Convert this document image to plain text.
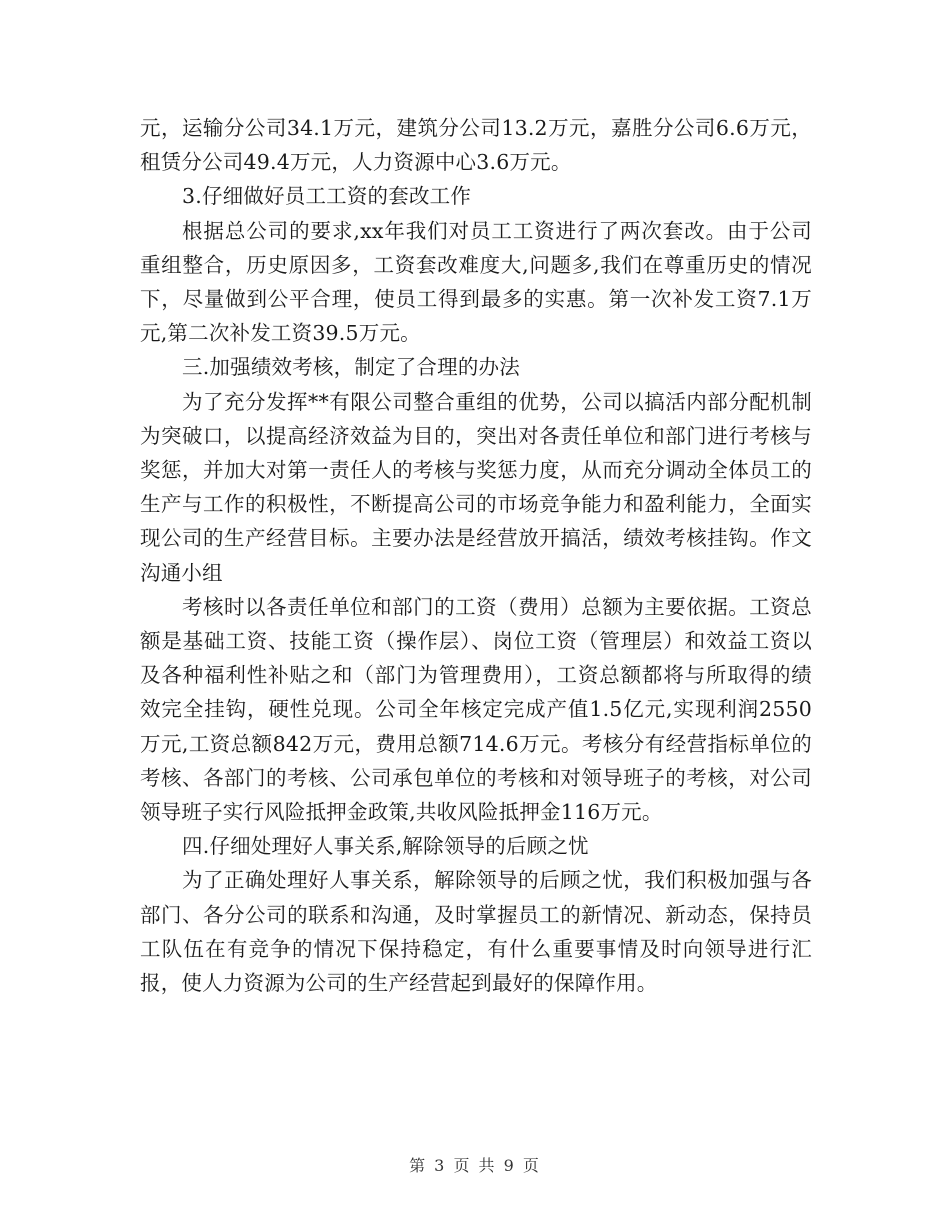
元，运输分公司34.1万元，建筑分公司13.2万元，嘉胜分公司6.6万元，租赁分公司49.4万元，人力资源中心3.6万元。

3.仔细做好员工工资的套改工作

根据总公司的要求,xx年我们对员工工资进行了两次套改。由于公司重组整合，历史原因多，工资套改难度大,问题多,我们在尊重历史的情况下，尽量做到公平合理，使员工得到最多的实惠。第一次补发工资7.1万元,第二次补发工资39.5万元。

三.加强绩效考核，制定了合理的办法

为了充分发挥**有限公司整合重组的优势，公司以搞活内部分配机制为突破口，以提高经济效益为目的，突出对各责任单位和部门进行考核与奖惩，并加大对第一责任人的考核与奖惩力度，从而充分调动全体员工的生产与工作的积极性，不断提高公司的市场竞争能力和盈利能力，全面实现公司的生产经营目标。主要办法是经营放开搞活，绩效考核挂钩。作文沟通小组

考核时以各责任单位和部门的工资（费用）总额为主要依据。工资总额是基础工资、技能工资（操作层）、岗位工资（管理层）和效益工资以及各种福利性补贴之和（部门为管理费用），工资总额都将与所取得的绩效完全挂钩，硬性兑现。公司全年核定完成产值1.5亿元,实现利润2550万元,工资总额842万元，费用总额714.6万元。考核分有经营指标单位的考核、各部门的考核、公司承包单位的考核和对领导班子的考核，对公司领导班子实行风险抵押金政策,共收风险抵押金116万元。

四.仔细处理好人事关系,解除领导的后顾之忧

为了正确处理好人事关系，解除领导的后顾之忧，我们积极加强与各部门、各分公司的联系和沟通，及时掌握员工的新情况、新动态，保持员工队伍在有竞争的情况下保持稳定，有什么重要事情及时向领导进行汇报，使人力资源为公司的生产经营起到最好的保障作用。

第 3 页 共 9 页
